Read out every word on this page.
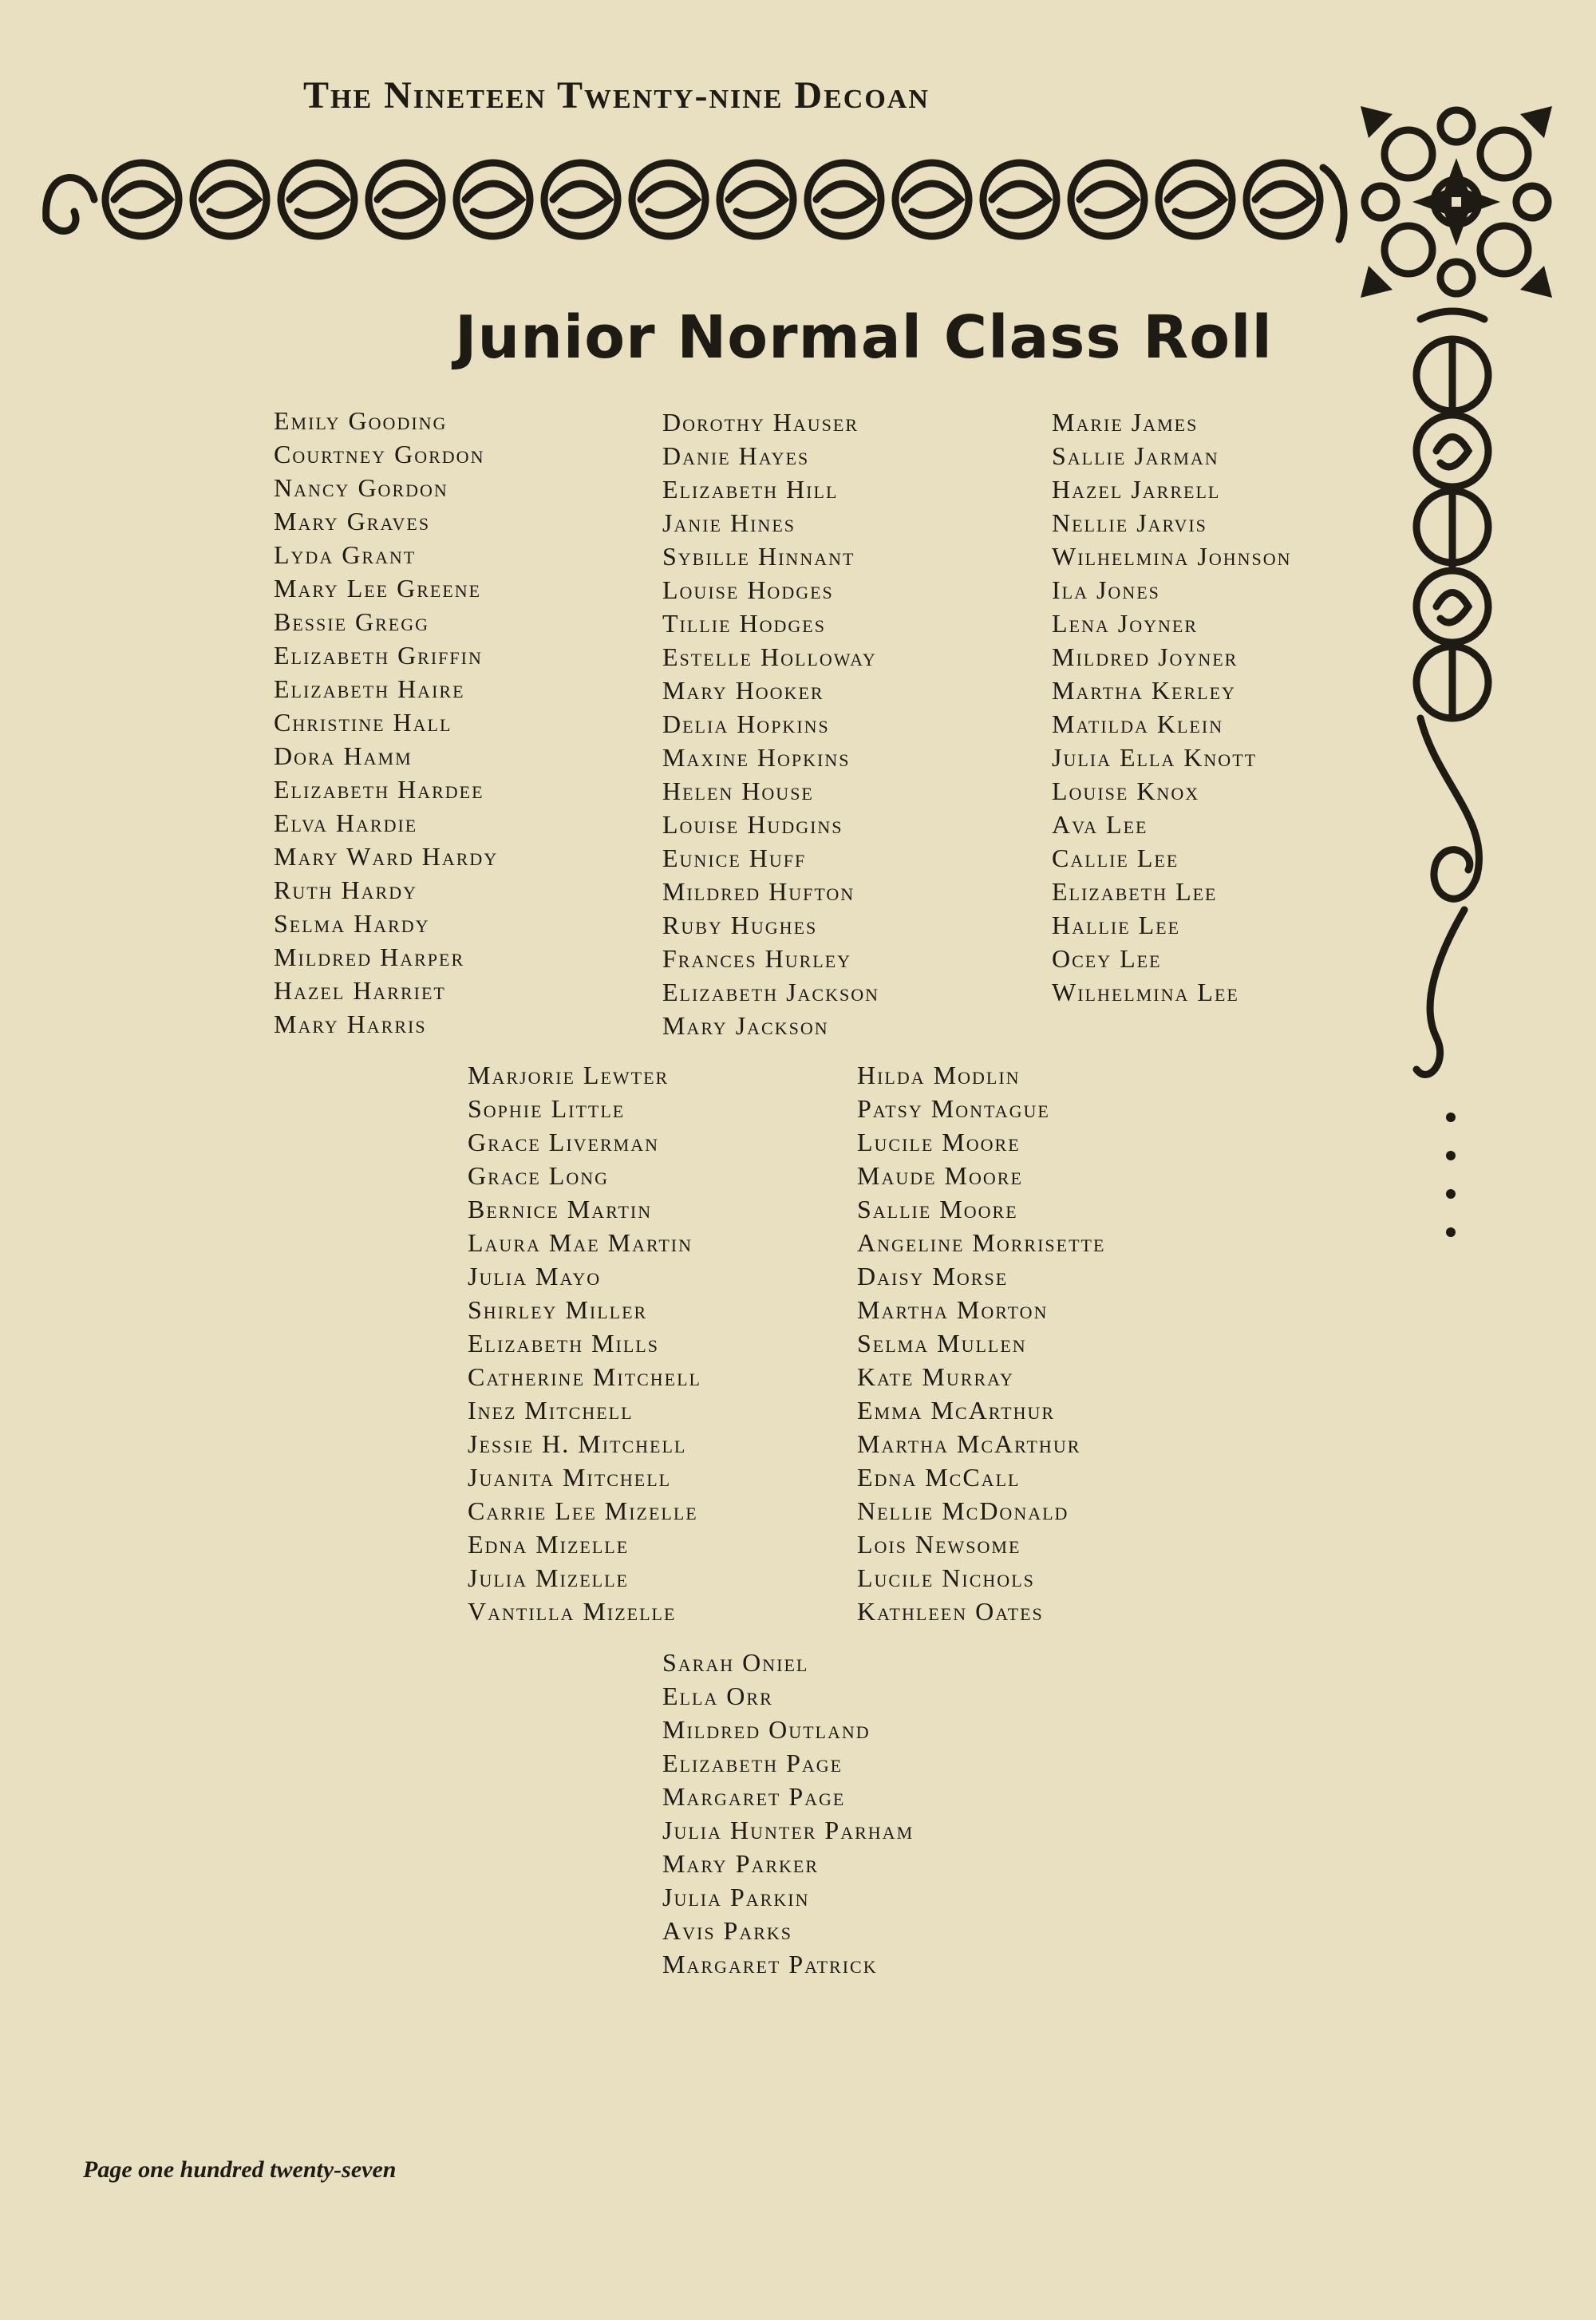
The Nineteen Twenty-nine Decoan
Junior Normal Class Roll
Emily Gooding
Courtney Gordon
Nancy Gordon
Mary Graves
Lyda Grant
Mary Lee Greene
Bessie Gregg
Elizabeth Griffin
Elizabeth Haire
Christine Hall
Dora Hamm
Elizabeth Hardee
Elva Hardie
Mary Ward Hardy
Ruth Hardy
Selma Hardy
Mildred Harper
Hazel Harriet
Mary Harris
Dorothy Hauser
Danie Hayes
Elizabeth Hill
Janie Hines
Sybille Hinnant
Louise Hodges
Tillie Hodges
Estelle Holloway
Mary Hooker
Delia Hopkins
Maxine Hopkins
Helen House
Louise Hudgins
Eunice Huff
Mildred Hufton
Ruby Hughes
Frances Hurley
Elizabeth Jackson
Mary Jackson
Marie James
Sallie Jarman
Hazel Jarrell
Nellie Jarvis
Wilhelmina Johnson
Ila Jones
Lena Joyner
Mildred Joyner
Martha Kerley
Matilda Klein
Julia Ella Knott
Louise Knox
Ava Lee
Callie Lee
Elizabeth Lee
Hallie Lee
Ocey Lee
Wilhelmina Lee
Marjorie Lewter
Sophie Little
Grace Liverman
Grace Long
Bernice Martin
Laura Mae Martin
Julia Mayo
Shirley Miller
Elizabeth Mills
Catherine Mitchell
Inez Mitchell
Jessie H. Mitchell
Juanita Mitchell
Carrie Lee Mizelle
Edna Mizelle
Julia Mizelle
Vantilla Mizelle
Hilda Modlin
Patsy Montague
Lucile Moore
Maude Moore
Sallie Moore
Angeline Morrisette
Daisy Morse
Martha Morton
Selma Mullen
Kate Murray
Emma McArthur
Martha McArthur
Edna McCall
Nellie McDonald
Lois Newsome
Lucile Nichols
Kathleen Oates
Sarah Oniel
Ella Orr
Mildred Outland
Elizabeth Page
Margaret Page
Julia Hunter Parham
Mary Parker
Julia Parkin
Avis Parks
Margaret Patrick
Page one hundred twenty-seven
